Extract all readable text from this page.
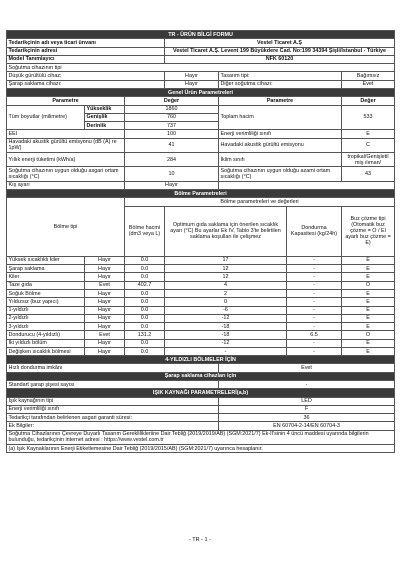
TR - ÜRÜN BİLGİ FORMU						
Tedarikçinin adı veya ticari ünvanı			Vestel Ticaret A.Ş			
Tedarikçinin adresi			Vestel Ticaret A.Ş. Levent 199 Büyükdere Cad. No:199 34394 Şişli/İstanbul - Türkiye			
Model Tanımlayıcı			NFK 60120			
Soğutma cihazının tipi						
Düşük gürültülü cihaz:			Hayır	Tasarım tipi:		Bağımsız
Şarap saklama cihazı:			Hayır	Diğer soğutma cihazı:		Evet
Genel Ürün Parametreleri						
Parametre		Değer		Parametre		Değer
Tüm boyutlar (milimetre)	Yükseklik	1860		Toplam hacim		533
	Genişlik	760				
	Derinlik	737				
EEI		100		Enerji verimliliği sınıfı		E
Havadaki akustik gürültü emisyonu (dB (A) re 1pW)		41		Havadaki akustik gürültü emisyonu		C
Yıllık enerji tüketimi (kWh/a)		284		İklim sınıfı		tropikal/Genişletil miş ılıman/
Soğutma cihazının uygun olduğu asgari ortam sıcaklığı (°C)		10		Soğutma cihazının uygun olduğu azami ortam sıcaklığı (°C)		43
Kış ayarı		Hayır				
Bölme Parametreleri						
Bölme tipi		Bölme parametreleri ve değerleri				
		Bölme hacmi (dm3 veya L)	Optimum gıda saklama için önerilen sıcaklık ayarı (°C) Bu ayarlar Ek IV, Tablo 3'te belirtilen saklama koşulları ile çelişmez		Dondurma Kapasitesi (kg/24h)	Buz çözme tipi (Otomatik buz çözme = O / El ayarlı buz çözme = E)
Yüksek sıcaklıklı kiler	Hayır	0.0	17		-	E
Şarap saklama	Hayır	0.0	12		-	E
Kiler	Hayır	0.0	12		-	E
Taze gıda	Evet	402.7	4		-	O
Soğuk Bölme	Hayır	0.0	2		-	E
Yıldızsız (buz yapıcı)	Hayır	0.0	0		-	E
1-yıldızlı	Hayır	0.0	-6		-	E
2-yıldızlı	Hayır	0.0	-12		-	E
3-yıldızlı	Hayır	0.0	-18		-	E
Dondurucu (4-yıldızlı)	Evet	131.2	-18		6.5	O
İki yıldızlı bölüm	Hayır	0.0	-12		-	E
Değişken sıcaklık bölmesi	Hayır	0.0	-		-	E
4-YILDIZLI BÖLMELER İÇİN						
Hızlı dondurma imkânı				Evet		
Şarap saklama cihazları için						
Standart şarap şişesi sayısı				-		
IŞIK KAYNAĞI PARAMETRELERİ(a,b)						
Işık kaynağının tipi				LED		
Enerji verimliliği sınıfı				F		
Tedarikçi tarafından belirlenen asgari garanti süresi:				36		
Ek Bilgiler:				EN 60704-2-14/EN 60704-3		
Soğutma Cihazlarının Çevreye Duyarlı Tasarım Gereklilikleriine Dair Tebliğ (2019/2019/AB) (SGM:2021/7) Ek-II'sinin 4 üncü maddesi uyarında bilgilerin bulunduğu, tedarikçinin internet adresi : https://www.vestel.com.tr						
(a) Işık Kaynaklarının Enerji Etiketlemesine Dair Tebliğ (2019/2015/AB) (SGM:2021/7) uyarınca hesaplanır.						
- TR - 1 -
